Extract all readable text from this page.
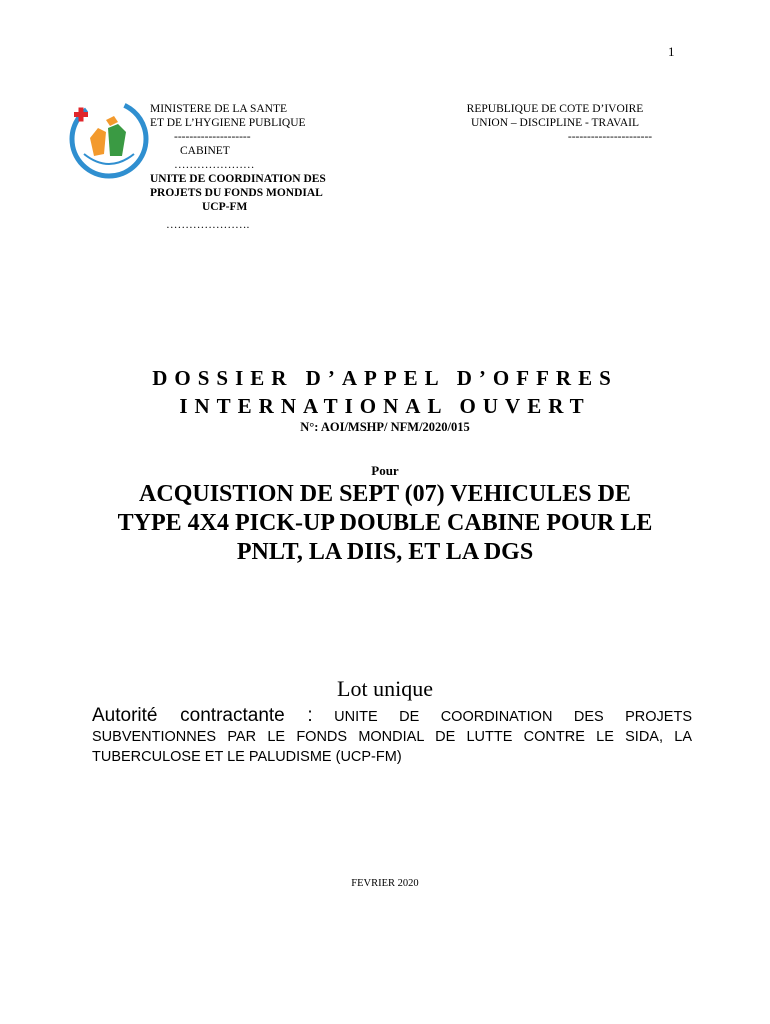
1
MINISTERE DE LA SANTE
ET DE L’HYGIENE PUBLIQUE
--------------------
CABINET
…………………
UNITE DE COORDINATION DES
PROJETS DU FONDS MONDIAL
UCP-FM
………………….
REPUBLIQUE DE COTE D’IVOIRE
UNION – DISCIPLINE - TRAVAIL
----------------------
DOSSIER D’APPEL D’OFFRES
INTERNATIONAL OUVERT
N°: AOI/MSHP/ NFM/2020/015
Pour
ACQUISTION DE SEPT (07) VEHICULES DE
TYPE 4X4 PICK-UP DOUBLE CABINE POUR LE
PNLT, LA DIIS, ET LA DGS
Lot unique
Autorité contractante : UNITE DE COORDINATION DES PROJETS SUBVENTIONNES PAR LE FONDS MONDIAL DE LUTTE CONTRE LE SIDA, LA TUBERCULOSE ET LE PALUDISME (UCP-FM)
FEVRIER 2020
